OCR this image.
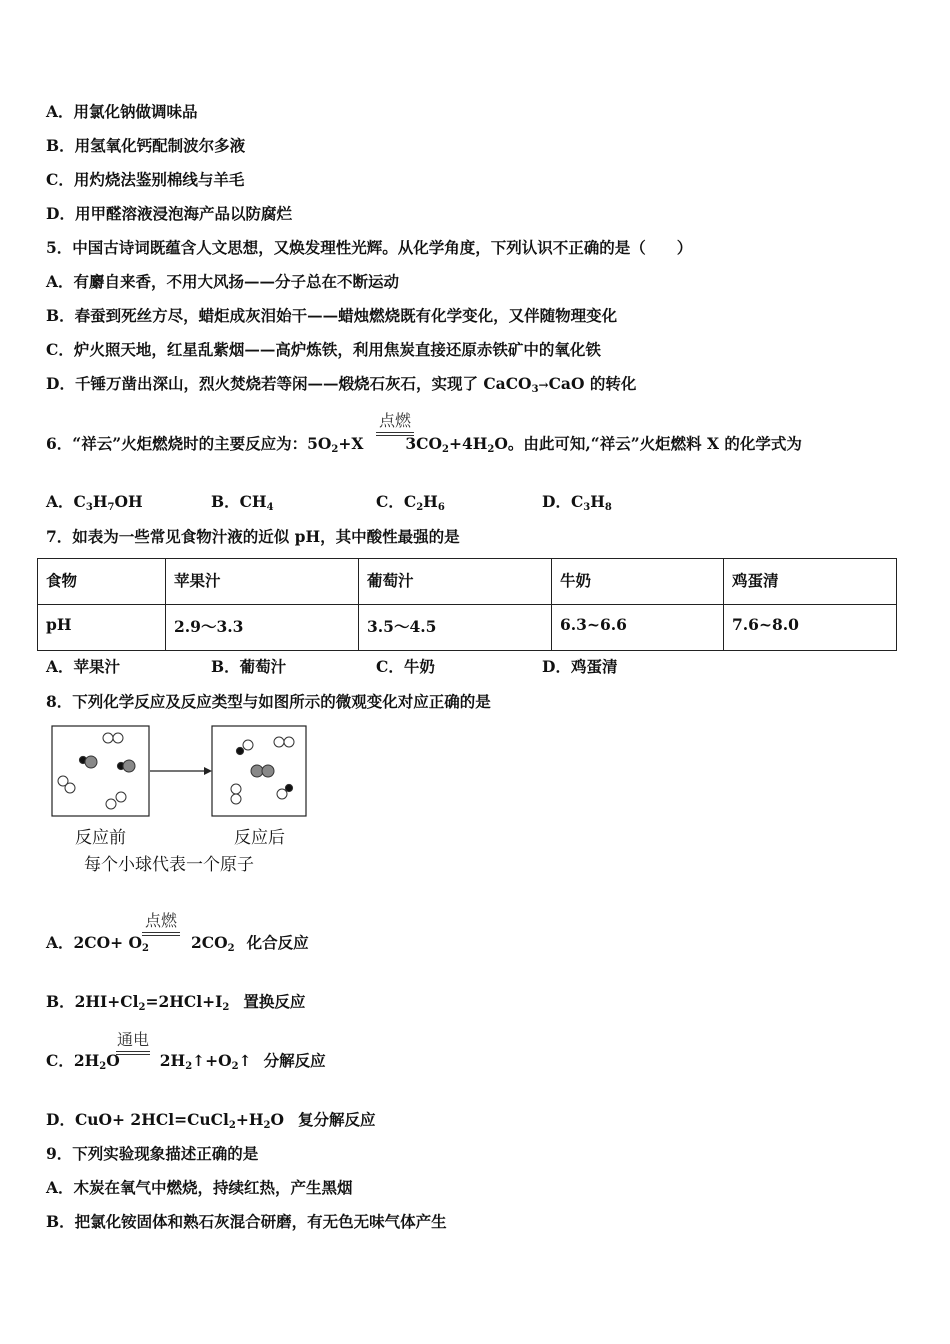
A．用氯化钠做调味品
B．用氢氧化钙配制波尔多液
C．用灼烧法鉴别棉线与羊毛
D．用甲醛溶液浸泡海产品以防腐烂
5．中国古诗词既蕴含人文思想，又焕发理性光辉。从化学角度，下列认识不正确的是（　　）
A．有麝自来香，不用大风扬——分子总在不断运动
B．春蚕到死丝方尽，蜡炬成灰泪始干——蜡烛燃烧既有化学变化，又伴随物理变化
C．炉火照天地，红星乱紫烟——高炉炼铁，利用焦炭直接还原赤铁矿中的氧化铁
D．千锤万凿出深山，烈火焚烧若等闲——煅烧石灰石，实现了 CaCO$_3$→CaO 的转化
6．“祥云”火炬燃烧时的主要反应为：$5O_2+X$	$3CO_2+4H_2O$。由此可知,“祥云”火炬燃料 X 的化学式为
点燃
A．$C_3H_7OH$	B．$CH_4$	C．$C_2H_6$	D．$C_3H_8$
7．如表为一些常见食物汁液的近似 pH，其中酸性最强的是
食物	苹果汁	葡萄汁	牛奶	鸡蛋清
pH	2.9～3.3	3.5～4.5	6.3~6.6	7.6~8.0
A．苹果汁	B．葡萄汁	C．牛奶	D．鸡蛋清
8．下列化学反应及反应类型与如图所示的微观变化对应正确的是
反应前	反应后
每个小球代表一个原子
A．$2CO+ O_2$	$2CO_2$ 化合反应
点燃
B．$2HI+Cl_2=2HCl+I_2$ 置换反应
C．$2H_2O$	$2H_2↑+O_2↑$ 分解反应
通电
D．$CuO+ 2HCl=CuCl_2+H_2O$ 复分解反应
9．下列实验现象描述正确的是
A．木炭在氧气中燃烧，持续红热，产生黑烟
B．把氯化铵固体和熟石灰混合研磨，有无色无味气体产生
